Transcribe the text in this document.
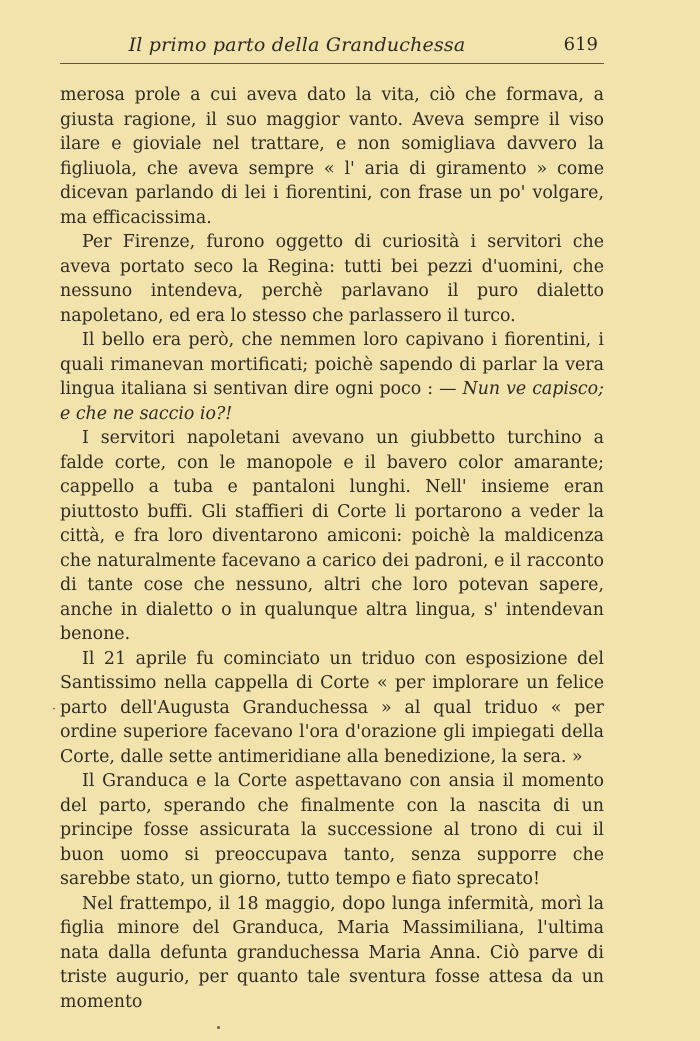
Il primo parto della Granduchessa	619

merosa prole a cui aveva dato la vita, ciò che formava, a giusta ragione, il suo maggior vanto. Aveva sempre il viso ilare e gioviale nel trattare, e non somigliava davvero la figliuola, che aveva sempre « l' aria di giramento » come dicevan parlando di lei i fiorentini, con frase un po' volgare, ma efficacissima.

Per Firenze, furono oggetto di curiosità i servitori che aveva portato seco la Regina: tutti bei pezzi d'uomini, che nessuno intendeva, perchè parlavano il puro dialetto napoletano, ed era lo stesso che parlassero il turco.

Il bello era però, che nemmen loro capivano i fiorentini, i quali rimanevan mortificati; poichè sapendo di parlar la vera lingua italiana si sentivan dire ogni poco : — Nun ve capisco; e che ne saccio io?!

I servitori napoletani avevano un giubbetto turchino a falde corte, con le manopole e il bavero color amarante; cappello a tuba e pantaloni lunghi. Nell' insieme eran piuttosto buffi. Gli staffieri di Corte li portarono a veder la città, e fra loro diventarono amiconi: poichè la maldicenza che naturalmente facevano a carico dei padroni, e il racconto di tante cose che nessuno, altri che loro potevan sapere, anche in dialetto o in qualunque altra lingua, s' intendevan benone.

Il 21 aprile fu cominciato un triduo con esposizione del Santissimo nella cappella di Corte « per implorare un felice parto dell'Augusta Granduchessa » al qual triduo « per ordine superiore facevano l'ora d'orazione gli impiegati della Corte, dalle sette antimeridiane alla benedizione, la sera. »

Il Granduca e la Corte aspettavano con ansia il momento del parto, sperando che finalmente con la nascita di un principe fosse assicurata la successione al trono di cui il buon uomo si preoccupava tanto, senza supporre che sarebbe stato, un giorno, tutto tempo e fiato sprecato!

Nel frattempo, il 18 maggio, dopo lunga infermità, morì la figlia minore del Granduca, Maria Massimiliana, l'ultima nata dalla defunta granduchessa Maria Anna. Ciò parve di triste augurio, per quanto tale sventura fosse attesa da un momento

·
